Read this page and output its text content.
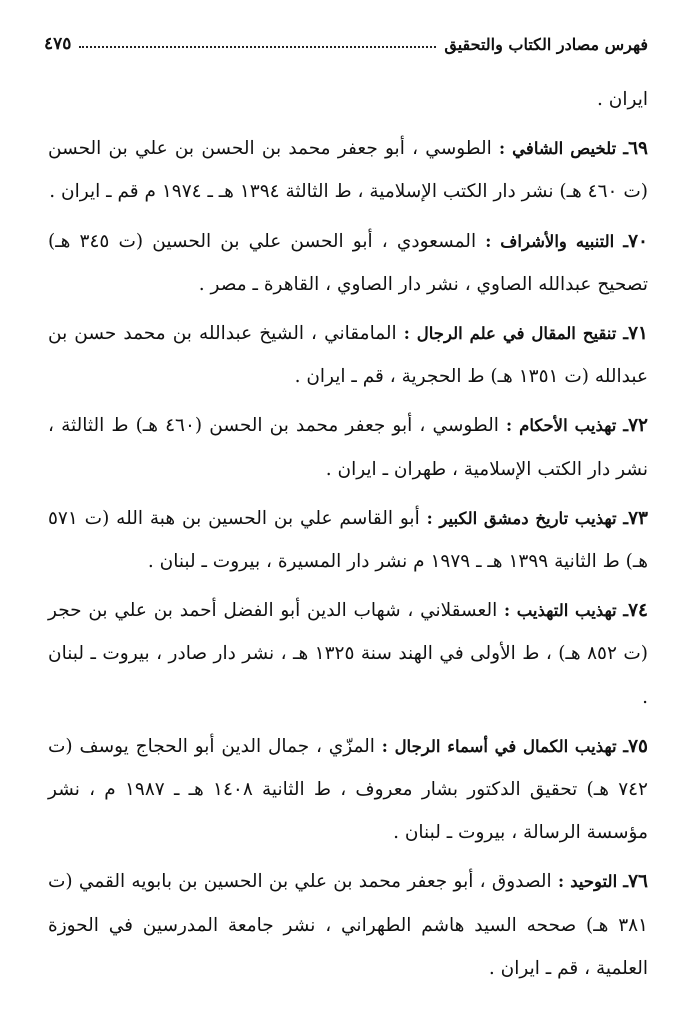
فهرس مصادر الكتاب والتحقيق
٤٧٥
ايران .
٦٩ـ تلخيص الشافي : الطوسي ، أبو جعفر محمد بن الحسن بن علي بن الحسن (ت ٤٦٠ هـ) نشر دار الكتب الإسلامية ، ط الثالثة ١٣٩٤ هـ ـ ١٩٧٤ م قم ـ ايران .
٧٠ـ التنبيه والأشراف : المسعودي ، أبو الحسن علي بن الحسين (ت ٣٤٥ هـ) تصحيح عبدالله الصاوي ، نشر دار الصاوي ، القاهرة ـ مصر .
٧١ـ تنقيح المقال في علم الرجال : المامقاني ، الشيخ عبدالله بن محمد حسن بن عبدالله (ت ١٣٥١ هـ) ط الحجرية ، قم ـ ايران .
٧٢ـ تهذيب الأحكام : الطوسي ، أبو جعفر محمد بن الحسن (٤٦٠ هـ) ط الثالثة ، نشر دار الكتب الإسلامية ، طهران ـ ايران .
٧٣ـ تهذيب تاريخ دمشق الكبير : أبو القاسم علي بن الحسين بن هبة الله (ت ٥٧١ هـ) ط الثانية ١٣٩٩ هـ ـ ١٩٧٩ م نشر دار المسيرة ، بيروت ـ لبنان .
٧٤ـ تهذيب التهذيب : العسقلاني ، شهاب الدين أبو الفضل أحمد بن علي بن حجر (ت ٨٥٢ هـ) ، ط الأولى في الهند سنة ١٣٢٥ هـ ، نشر دار صادر ، بيروت ـ لبنان .
٧٥ـ تهذيب الكمال في أسماء الرجال : المزّي ، جمال الدين أبو الحجاج يوسف (ت ٧٤٢ هـ) تحقيق الدكتور بشار معروف ، ط الثانية ١٤٠٨ هـ ـ ١٩٨٧ م ، نشر مؤسسة الرسالة ، بيروت ـ لبنان .
٧٦ـ التوحيد : الصدوق ، أبو جعفر محمد بن علي بن الحسين بن بابويه القمي (ت ٣٨١ هـ) صححه السيد هاشم الطهراني ، نشر جامعة المدرسين في الحوزة العلمية ، قم ـ ايران .
